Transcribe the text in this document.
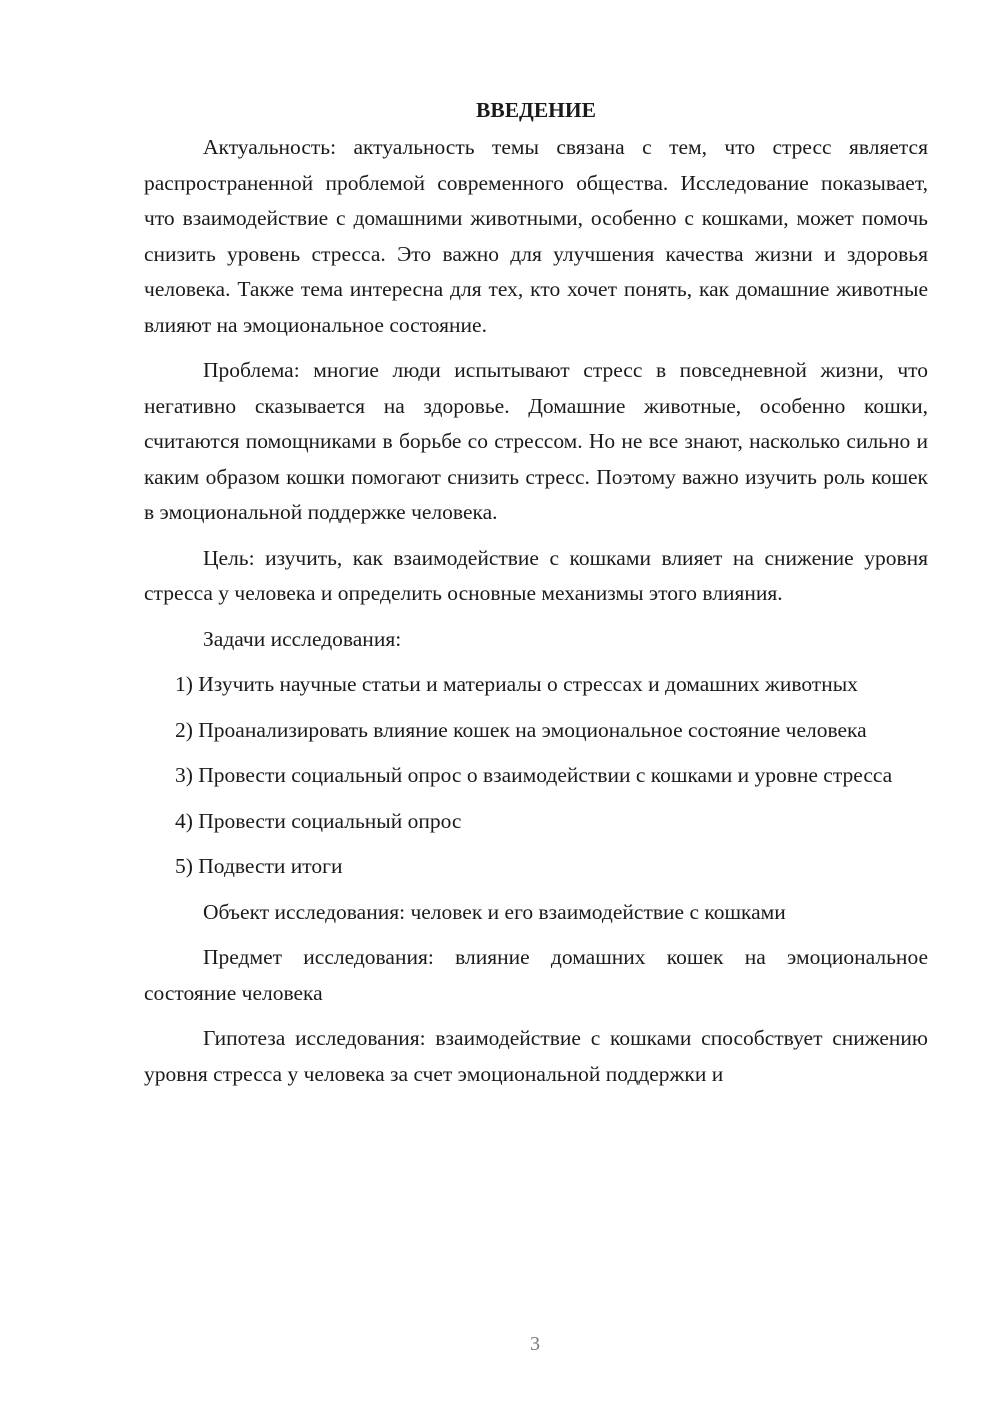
ВВЕДЕНИЕ

Актуальность: актуальность темы связана с тем, что стресс является распространенной проблемой современного общества. Исследование показывает, что взаимодействие с домашними животными, особенно с кошками, может помочь снизить уровень стресса. Это важно для улучшения качества жизни и здоровья человека. Также тема интересна для тех, кто хочет понять, как домашние животные влияют на эмоциональное состояние.

Проблема: многие люди испытывают стресс в повседневной жизни, что негативно сказывается на здоровье. Домашние животные, особенно кошки, считаются помощниками в борьбе со стрессом. Но не все знают, насколько сильно и каким образом кошки помогают снизить стресс. Поэтому важно изучить роль кошек в эмоциональной поддержке человека.

Цель: изучить, как взаимодействие с кошками влияет на снижение уровня стресса у человека и определить основные механизмы этого влияния.

Задачи исследования:

1) Изучить научные статьи и материалы о стрессах и домашних животных

2) Проанализировать влияние кошек на эмоциональное состояние человека

3) Провести социальный опрос о взаимодействии с кошками и уровне стресса

4) Провести социальный опрос

5) Подвести итоги

Объект исследования: человек и его взаимодействие с кошками

Предмет исследования: влияние домашних кошек на эмоциональное состояние человека

Гипотеза исследования: взаимодействие с кошками способствует снижению уровня стресса у человека за счет эмоциональной поддержки и

3
